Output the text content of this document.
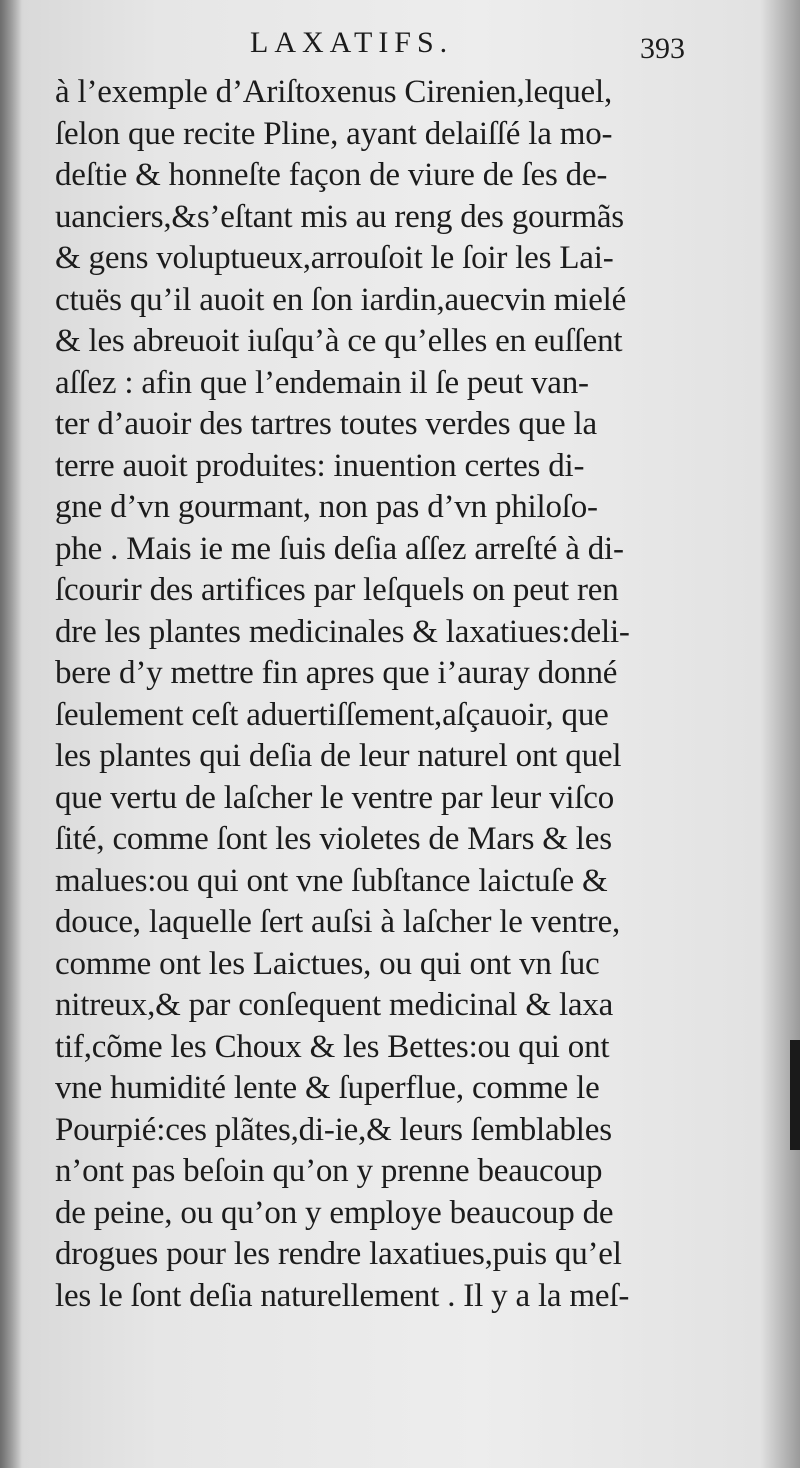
LAXATIFS.	393
à l’exemple d’Ariſtoxenus Cirenien,lequel,
ſelon que recite Pline, ayant delaiſſé la mo-
deſtie & honneſte façon de viure de ſes de-
uanciers,&s’eſtant mis au reng des gourmãs
& gens voluptueux,arrouſoit le ſoir les Lai-
ctuës qu’il auoit en ſon iardin,auecvin mielé
& les abreuoit iuſqu’à ce qu’elles en euſſent
aſſez : afin que l’endemain il ſe peut van-
ter d’auoir des tartres toutes verdes que la
terre auoit produites: inuention certes di-
gne d’vn gourmant, non pas d’vn philoſo-
phe . Mais ie me ſuis deſia aſſez arreſté à di-
ſcourir des artifices par leſquels on peut ren
dre les plantes medicinales & laxatiues:deli-
bere d’y mettre fin apres que i’auray donné
ſeulement ceſt aduertiſſement,aſçauoir, que
les plantes qui deſia de leur naturel ont quel
que vertu de laſcher le ventre par leur viſco
ſité, comme ſont les violetes de Mars & les
malues:ou qui ont vne ſubſtance laictuſe &
douce, laquelle ſert auſsi à laſcher le ventre,
comme ont les Laictues, ou qui ont vn ſuc
nitreux,& par conſequent medicinal & laxa
tif,cõme les Choux & les Bettes:ou qui ont
vne humidité lente & ſuperflue, comme le
Pourpié:ces plãtes,di-ie,& leurs ſemblables
n’ont pas beſoin qu’on y prenne beaucoup
de peine, ou qu’on y employe beaucoup de
drogues pour les rendre laxatiues,puis qu’el
les le ſont deſia naturellement . Il y a la meſ-
